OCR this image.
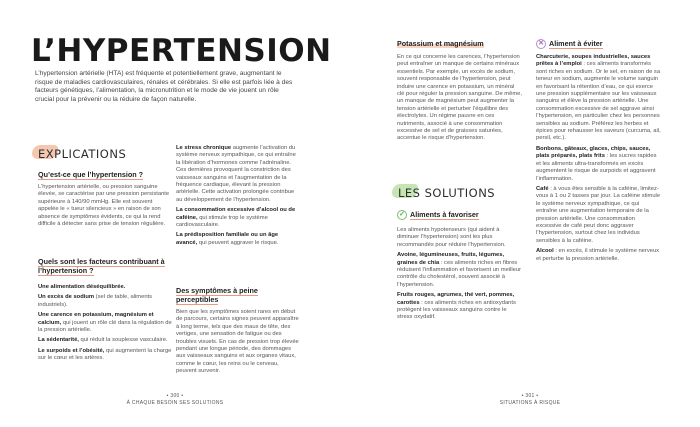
L’HYPERTENSION

L’hypertension artérielle (HTA) est fréquente et potentiellement grave, augmentant le risque de maladies cardiovasculaires, rénales et cérébrales. Si elle est parfois liée à des facteurs génétiques, l’alimentation, la micronutrition et le mode de vie jouent un rôle crucial pour la prévenir ou la réduire de façon naturelle.

EXPLICATIONS
Qu’est-ce que l’hypertension ?

L’hypertension artérielle, ou pression sanguine élevée, se caractérise par une pression persistante supérieure à 140/90 mmHg. Elle est souvent appelée le « tueur silencieux » en raison de son absence de symptômes évidents, ce qui la rend difficile à détecter sans prise de tension régulière.

Quels sont les facteurs contribuant à l’hypertension ?

Une alimentation déséquilibrée.

Un excès de sodium (sel de table, aliments industriels).

Une carence en potassium, magnésium et calcium, qui jouent un rôle clé dans la régulation de la pression artérielle.

La sédentarité, qui réduit la souplesse vasculaire.

Le surpoids et l’obésité, qui augmentent la charge sur le cœur et les artères.

Le stress chronique augmente l’activation du système nerveux sympathique, ce qui entraîne la libération d’hormones comme l’adrénaline. Ces dernières provoquent la constriction des vaisseaux sanguins et l’augmentation de la fréquence cardiaque, élevant la pression artérielle. Cette activation prolongée contribue au développement de l’hypertension.

La consommation excessive d’alcool ou de caféine, qui stimule trop le système cardiovasculaire.

La prédisposition familiale ou un âge avancé, qui peuvent aggraver le risque.

Des symptômes à peine perceptibles

Bien que les symptômes soient rares en début de parcours, certains signes peuvent apparaître à long terme, tels que des maux de tête, des vertiges, une sensation de fatigue ou des troubles visuels. En cas de pression trop élevée pendant une longue période, des dommages aux vaisseaux sanguins et aux organes vitaux, comme le cœur, les reins ou le cerveau, peuvent survenir.

• 300 •
À CHAQUE BESOIN SES SOLUTIONS
Potassium et magnésium

En ce qui concerne les carences, l’hypertension peut entraîner un manque de certains minéraux essentiels. Par exemple, un excès de sodium, souvent responsable de l’hypertension, peut induire une carence en potassium, un minéral clé pour réguler la pression sanguine. De même, un manque de magnésium peut augmenter la tension artérielle et perturber l’équilibre des électrolytes. Un régime pauvre en ces nutriments, associé à une consommation excessive de sel et de graisses saturées, accentue le risque d’hypertension.

LES SOLUTIONS
✓ Aliments à favoriser

Les aliments hypotenseurs (qui aident à diminuer l’hypertension) sont les plus recommandés pour réduire l’hypertension.

Avoine, légumineuses, fruits, légumes, graines de chia : ces aliments riches en fibres réduisent l’inflammation et favorisent un meilleur contrôle du cholestérol, souvent associé à l’hypertension.

Fruits rouges, agrumes, thé vert, pommes, carottes : ces aliments riches en antioxydants protègent les vaisseaux sanguins contre le stress oxydatif.

✕ Aliment à éviter

Charcuterie, soupes industrielles, sauces prêtes à l’emploi : ces aliments transformés sont riches en sodium. Or le sel, en raison de sa teneur en sodium, augmente le volume sanguin en favorisant la rétention d’eau, ce qui exerce une pression supplémentaire sur les vaisseaux sanguins et élève la pression artérielle. Une consommation excessive de sel aggrave ainsi l’hypertension, en particulier chez les personnes sensibles au sodium. Préférez les herbes et épices pour rehausser les saveurs (curcuma, ail, persil, etc.).

Bonbons, gâteaux, glaces, chips, sauces, plats préparés, plats frits : les sucres rapides et les aliments ultra-transformés en excès augmentent le risque de surpoids et aggravent l’inflammation.

Café : à vous êtes sensible à la caféine, limitez-vous à 1 ou 2 tasses par jour. La caféine stimule le système nerveux sympathique, ce qui entraîne une augmentation temporaire de la pression artérielle. Une consommation excessive de café peut donc aggraver l’hypertension, surtout chez les individus sensibles à la caféine.

Alcool : en excès, il stimule le système nerveux et perturbe la pression artérielle.

• 301 •
SITUATIONS À RISQUE
